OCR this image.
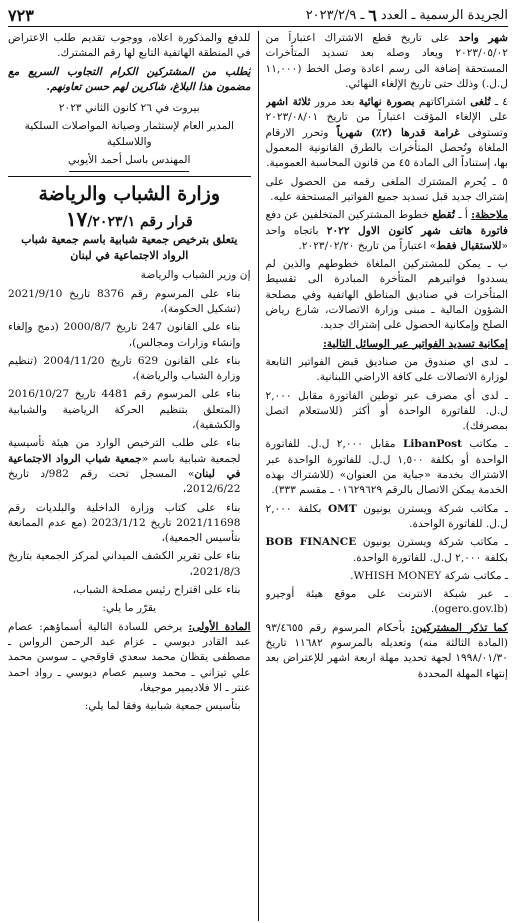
الجريدة الرسمية ـ العدد
٦
ـ ٢٠٢٣/٢/٩
٧٢٣

شهر واحد على تاريخ قطع الاشتراك اعتباراً من ٢٠٢٣/٠٥/٠٢ ويعاد وصله بعد تسديد المتأخرات المستحقة إضافة الى رسم اعادة وصل الخط (١١,٠٠٠ ل.ل.) وذلك حتى تاريخ الإلغاء النهائي.

٤ ـ تُلغى اشتراكاتهم بصورة نهائية بعد مرور ثلاثة اشهر على الإلغاء المؤقت اعتباراً من تاريخ ٢٠٢٣/٠٨/٠١ وتستوفى غرامة قدرها (٢٪) شهرياً وتحرر الارقام الملغاة وتُحصل المتأخرات بالطرق القانونية المعمول بها، إستناداً الى المادة ٤٥ من قانون المحاسبة العمومية.

٥ ـ يُحرم المشترك الملغى رقمه من الحصول على إشتراك جديد قبل تسديد جميع الفواتير المستحقة عليه.

ملاحظة: أ ـ تُقطع خطوط المشتركين المتخلفين عن دفع فاتورة هاتف شهر كانون الاول ٢٠٢٢ باتجاه واحد «للاستقبال فقط» اعتباراً من تاريخ ٢٠٢٣/٠٢/٢٠.

ب ـ يمكن للمشتركين الملغاة خطوطهم والذين لم يسددوا فواتيرهم المتأخرة المبادرة الى تقسيط المتأخرات في صناديق المناطق الهاتفية وفي مصلحة الشؤون المالية ـ مبنى وزارة الاتصالات، شارع رياض الصلح وإمكانية الحصول على إشتراك جديد.

إمكانية تسديد الفواتير عبر الوسائل التالية:

ـ لدى اي صندوق من صناديق قبض الفواتير التابعة لوزارة الاتصالات على كافة الاراضي اللبنانية.

ـ لدى أي مصرف عبر توطين الفاتورة مقابل ٢,٠٠٠ ل.ل. للفاتورة الواحدة أو أكثر (للاستعلام اتصل بمصرفك).

ـ مكاتب LibanPost مقابل ٢,٠٠٠ ل.ل. للفاتورة الواحدة أو بكلفة ١,٥٠٠ ل.ل. للفاتورة الواحدة عبر الاشتراك بخدمة «جباية من العنوان» (للاشتراك بهذه الخدمة يمكن الاتصال بالرقم ٠١٦٢٩٦٢٩ ـ مقسم ٣٣٣).

ـ مكاتب شركة ويسترن يونيون OMT بكلفة ٢,٠٠٠ ل.ل. للفاتورة الواحدة.

ـ مكاتب شركة ويسترن يونيون BOB FINANCE بكلفة ٢,٠٠٠ ل.ل. للفاتورة الواحدة.

ـ مكاتب شركة WHISH MONEY.

ـ عبر شبكة الانترنت على موقع هيئة أوجيرو (ogero.gov.lb).

كما تذكر المشتركين: بأحكام المرسوم رقم ٩٣/٤٦٥٥ (المادة الثالثة منه) وتعديله بالمرسوم ١١٦٨٢ تاريخ ١٩٩٨/٠١/٣٠ لجهة تحديد مهلة اربعة اشهر للإعتراض بعد إنتهاء المهلة المحددة

للدفع والمذكورة اعلاه، ووجوب تقديم طلب الاعتراض في المنطقة الهاتفية التابع لها رقم المشترك.

يُطلب من المشتركين الكرام التجاوب السريع مع مضمون هذا البلاغ، شاكرين لهم حسن تعاونهم.

بيروت في ٢٦ كانون الثاني ٢٠٢٣

المدير العام لإستثمار وصيانة المواصلات السلكية واللاسلكية

المهندس باسل أحمد الأيوبي

وزارة الشباب والرياضة
قرار رقم ١٧/٢٠٢٣/١

يتعلق بترخيص جمعية شبابية باسم جمعية شباب الرواد الاجتماعية في لبنان

إن وزير الشباب والرياضة

بناء على المرسوم رقم 8376 تاريخ 2021/9/10 (تشكيل الحكومة)،

بناء على القانون 247 تاريخ 2000/8/7 (دمج وإلغاء وإنشاء وزارات ومجالس)،

بناء على القانون 629 تاريخ 2004/11/20 (تنظيم وزارة الشباب والرياضة)،

بناء على المرسوم رقم 4481 تاريخ 2016/10/27 (المتعلق بتنظيم الحركة الرياضية والشبابية والكشفية)،

بناء على طلب الترخيص الوارد من هيئة تأسيسية لجمعية شبابية باسم «جمعية شباب الرواد الاجتماعية في لبنان» المسجل تحت رقم 982/د تاريخ 2012/6/22،

بناء على كتاب وزارة الداخلية والبلديات رقم 2021/11698 تاريخ 2023/1/12 (مع عدم الممانعة بتأسيس الجمعية)،

بناء على تقرير الكشف الميداني لمركز الجمعية بتاريخ 2021/8/3،

بناء على اقتراح رئيس مصلحة الشباب،

يقرّر ما يلي:

المادة الأولى: يرخص للسادة التالية أسماؤهم: عصام عبد القادر ديوسي ـ عزام عبد الرحمن الرواس ـ مصطفى يقظان محمد سعدي قاوقجي ـ سوسن محمد علي تيزاني ـ محمد وسيم عصام ديوسي ـ رواد احمد عنتر ـ الا فلاديمير موجيغا،

بتأسيس جمعية شبابية وفقا لما يلي:
